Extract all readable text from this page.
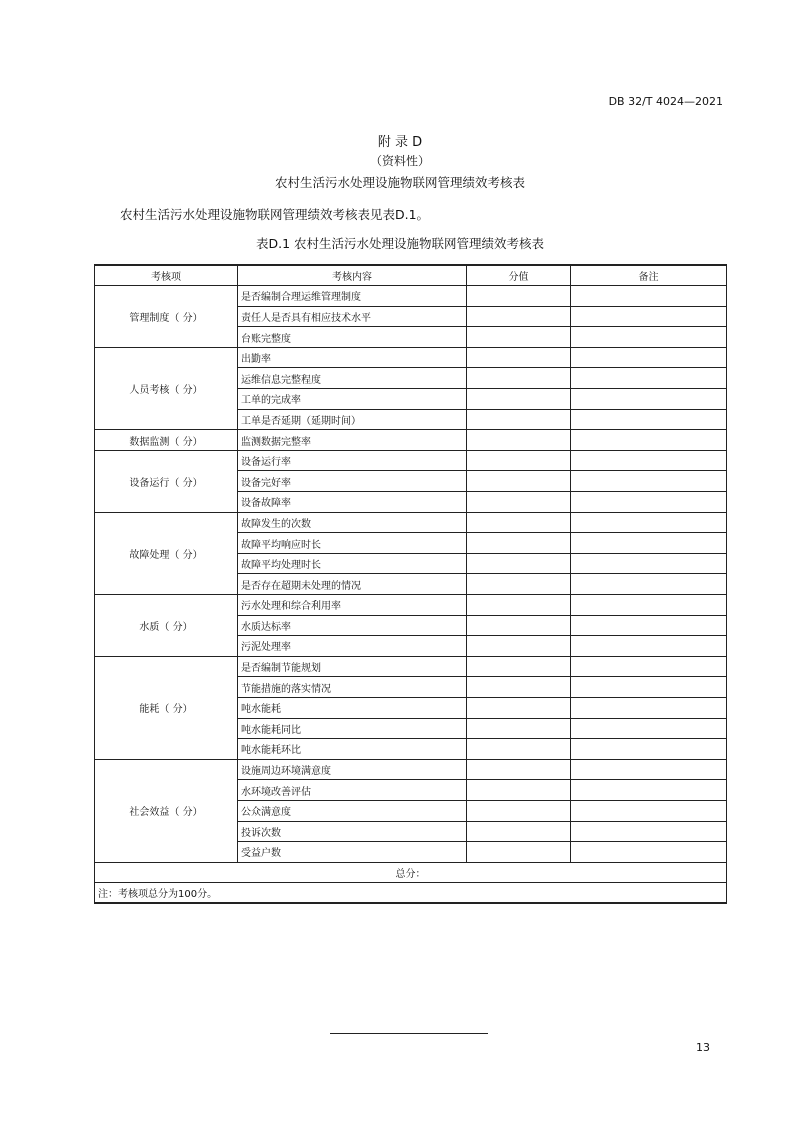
DB 32/T 4024—2021
附 录 D
（资料性）
农村生活污水处理设施物联网管理绩效考核表
农村生活污水处理设施物联网管理绩效考核表见表D.1。
表D.1 农村生活污水处理设施物联网管理绩效考核表
考核项	考核内容	分值	备注
管理制度（ 分）	是否编制合理运维管理制度		
	责任人是否具有相应技术水平		
	台账完整度		
人员考核（ 分）	出勤率		
	运维信息完整程度		
	工单的完成率		
	工单是否延期（延期时间）		
数据监测（ 分）	监测数据完整率		
设备运行（ 分）	设备运行率		
	设备完好率		
	设备故障率		
故障处理（ 分）	故障发生的次数		
	故障平均响应时长		
	故障平均处理时长		
	是否存在超期未处理的情况		
水质（ 分）	污水处理和综合利用率		
	水质达标率		
	污泥处理率		
能耗（ 分）	是否编制节能规划		
	节能措施的落实情况		
	吨水能耗		
	吨水能耗同比		
	吨水能耗环比		
社会效益（ 分）	设施周边环境满意度		
	水环境改善评估		
	公众满意度		
	投诉次数		
	受益户数		
总分：			
注：考核项总分为100分。			
13
